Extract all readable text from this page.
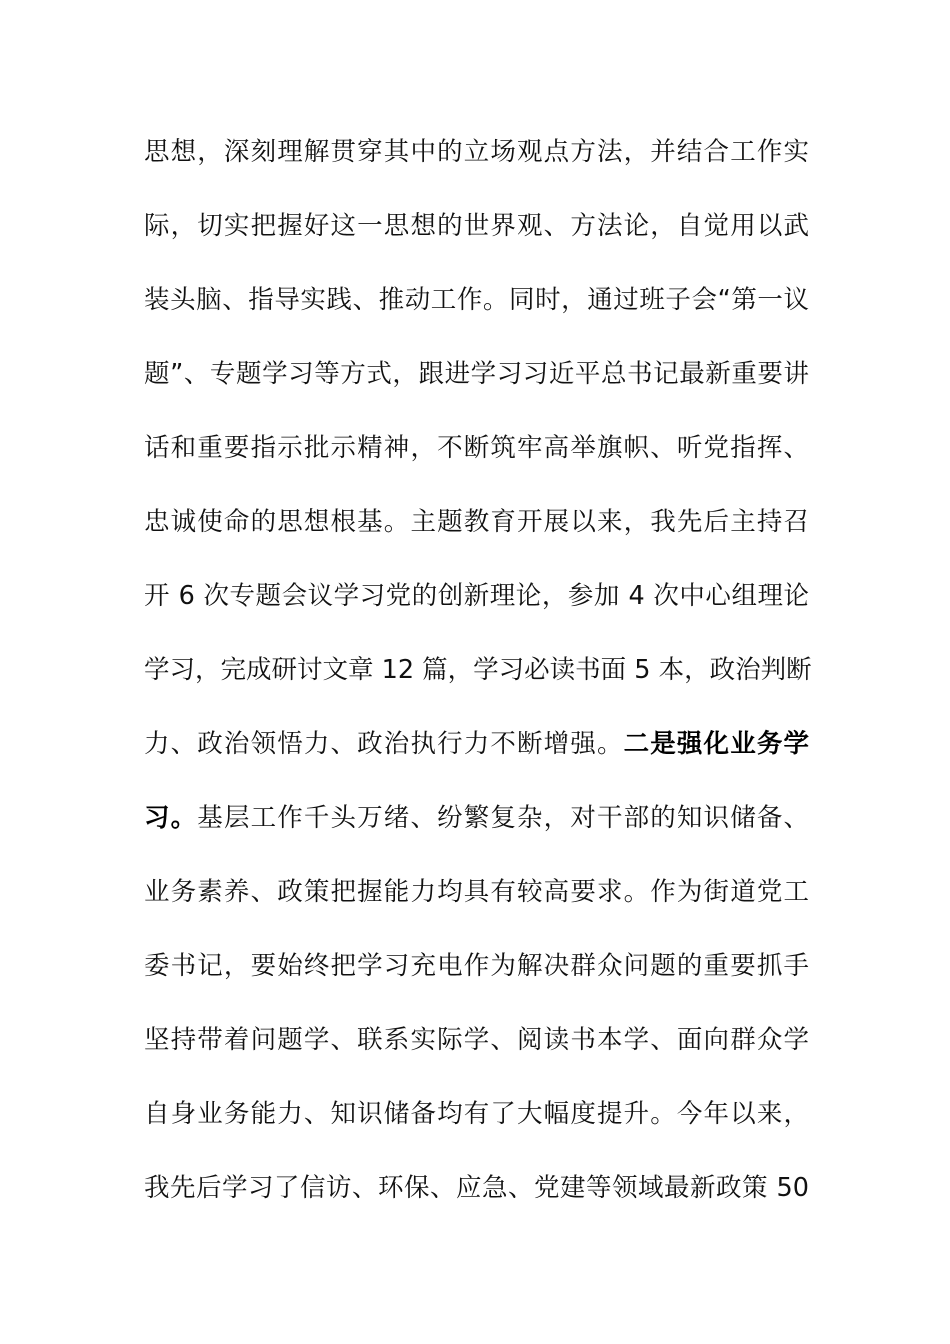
思想，深刻理解贯穿其中的立场观点方法，并结合工作实
际，切实把握好这一思想的世界观、方法论，自觉用以武
装头脑、指导实践、推动工作。同时，通过班子会“第一议
题”、专题学习等方式，跟进学习习近平总书记最新重要讲
话和重要指示批示精神，不断筑牢高举旗帜、听党指挥、
忠诚使命的思想根基。主题教育开展以来，我先后主持召
开 6 次专题会议学习党的创新理论，参加 4 次中心组理论
学习，完成研讨文章 12 篇，学习必读书面 5 本，政治判断
力、政治领悟力、政治执行力不断增强。二是强化业务学
习。基层工作千头万绪、纷繁复杂，对干部的知识储备、
业务素养、政策把握能力均具有较高要求。作为街道党工
委书记，要始终把学习充电作为解决群众问题的重要抓手
坚持带着问题学、联系实际学、阅读书本学、面向群众学
自身业务能力、知识储备均有了大幅度提升。今年以来，
我先后学习了信访、环保、应急、党建等领域最新政策 50
